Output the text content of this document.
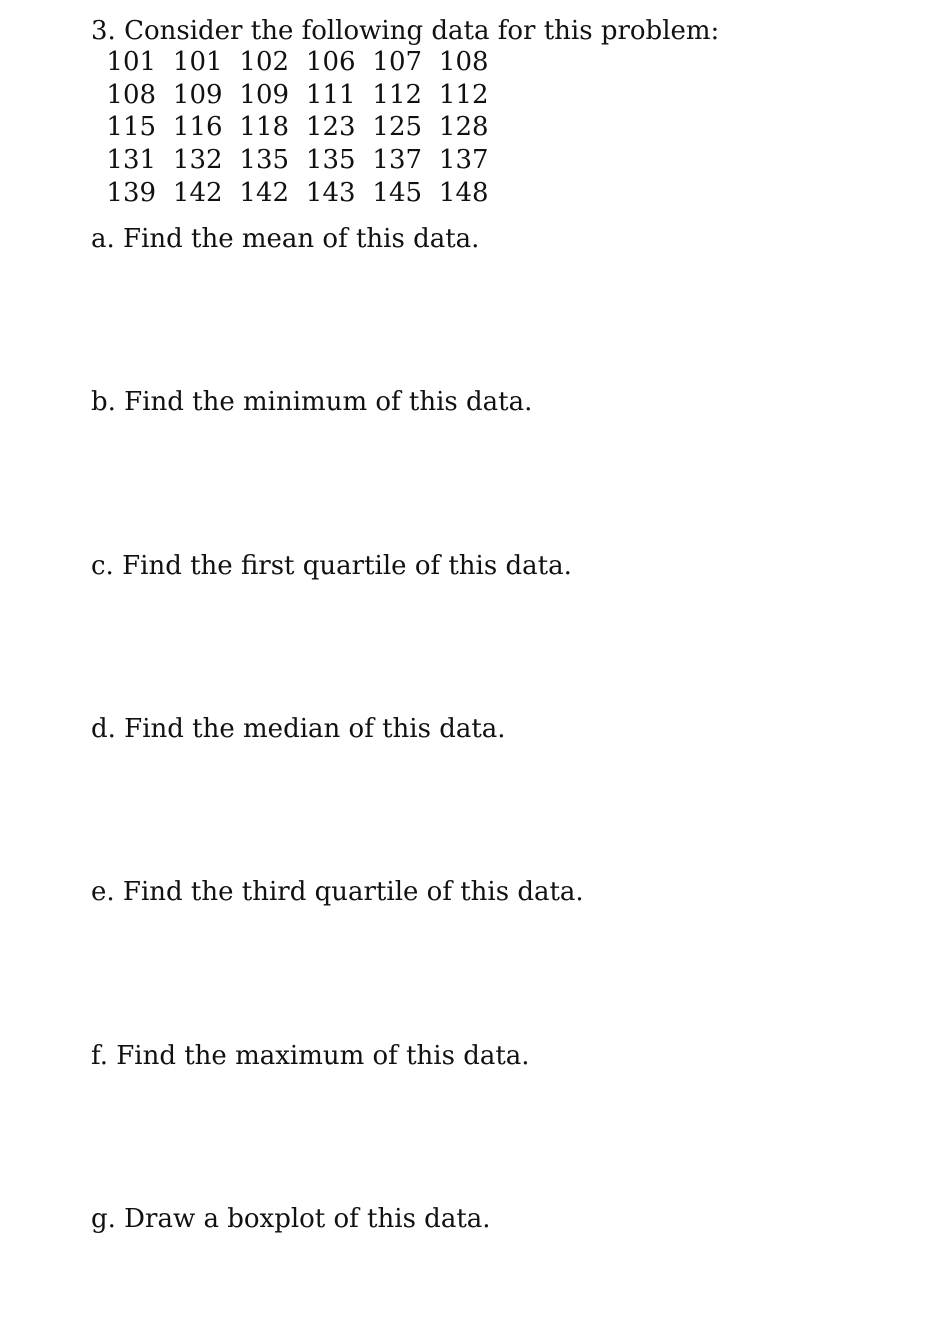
3. Consider the following data for this problem:
101	101	102	106	107	108
108	109	109	111	112	112
115	116	118	123	125	128
131	132	135	135	137	137
139	142	142	143	145	148
a. Find the mean of this data.
b. Find the minimum of this data.
c. Find the first quartile of this data.
d. Find the median of this data.
e. Find the third quartile of this data.
f. Find the maximum of this data.
g. Draw a boxplot of this data.
